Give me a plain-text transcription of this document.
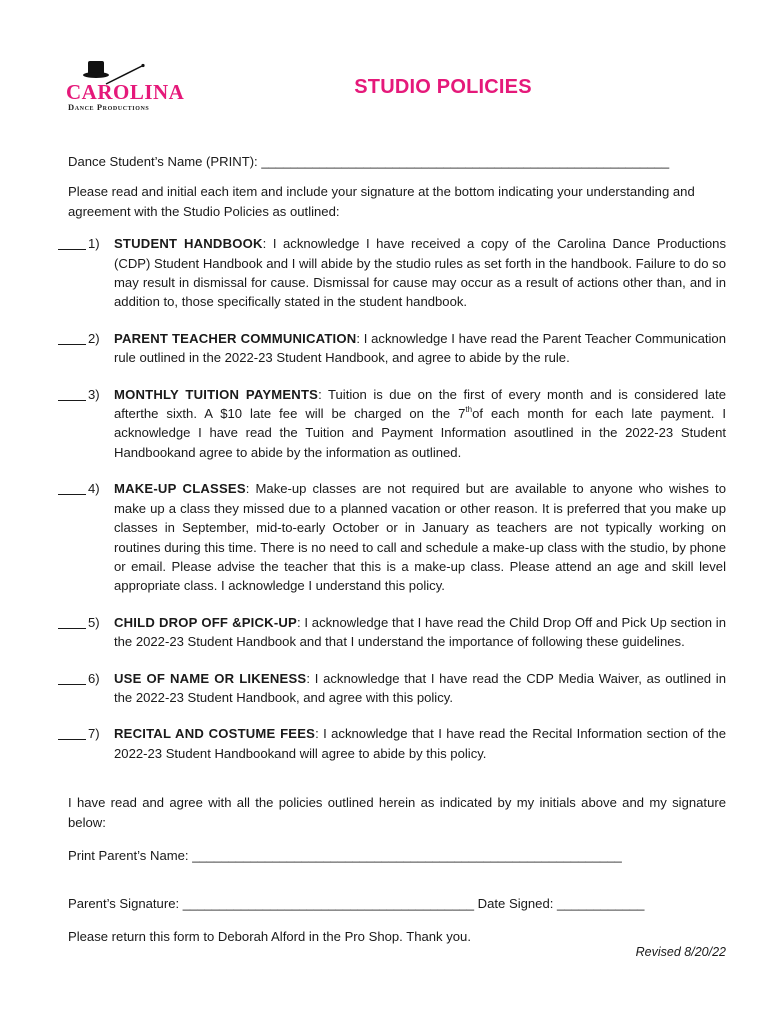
CAROLINA
Dance Productions
STUDIO POLICIES
Dance Student’s Name (PRINT): ________________________________________________________
Please read and initial each item and include your signature at the bottom indicating your understanding and agreement with the Studio Policies as outlined:
1) STUDENT HANDBOOK: I acknowledge I have received a copy of the Carolina Dance Productions (CDP) Student Handbook and I will abide by the studio rules as set forth in the handbook. Failure to do so may result in dismissal for cause. Dismissal for cause may occur as a result of actions other than, and in addition to, those specifically stated in the student handbook.
2) PARENT TEACHER COMMUNICATION: I acknowledge I have read the Parent Teacher Communication rule outlined in the 2022-23 Student Handbook, and agree to abide by the rule.
3) MONTHLY TUITION PAYMENTS: Tuition is due on the first of every month and is considered late afterthe sixth. A $10 late fee will be charged on the 7thof each month for each late payment. I acknowledge I have read the Tuition and Payment Information asoutlined in the 2022-23 Student Handbookand agree to abide by the information as outlined.
4) MAKE-UP CLASSES: Make-up classes are not required but are available to anyone who wishes to make up a class they missed due to a planned vacation or other reason. It is preferred that you make up classes in September, mid-to-early October or in January as teachers are not typically working on routines during this time. There is no need to call and schedule a make-up class with the studio, by phone or email. Please advise the teacher that this is a make-up class. Please attend an age and skill level appropriate class. I acknowledge I understand this policy.
5) CHILD DROP OFF &PICK-UP: I acknowledge that I have read the Child Drop Off and Pick Up section in the 2022-23 Student Handbook and that I understand the importance of following these guidelines.
6) USE OF NAME OR LIKENESS: I acknowledge that I have read the CDP Media Waiver, as outlined in the 2022-23 Student Handbook, and agree with this policy.
7) RECITAL AND COSTUME FEES: I acknowledge that I have read the Recital Information section of the 2022-23 Student Handbookand will agree to abide by this policy.
I have read and agree with all the policies outlined herein as indicated by my initials above and my signature below:
Print Parent’s Name: ___________________________________________________________
Parent’s Signature: ________________________________________ Date Signed: ____________
Please return this form to Deborah Alford in the Pro Shop. Thank you.
Revised 8/20/22
